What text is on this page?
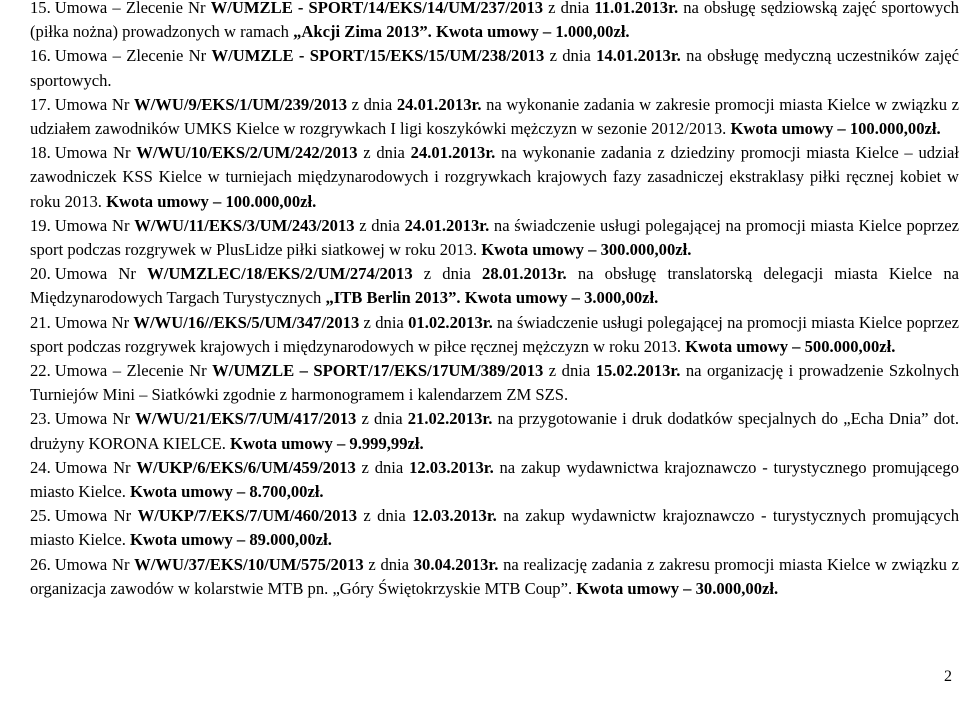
15. Umowa – Zlecenie Nr W/UMZLE - SPORT/14/EKS/14/UM/237/2013 z dnia 11.01.2013r. na obsługę sędziowską zajęć sportowych (piłka nożna) prowadzonych w ramach „Akcji Zima 2013”. Kwota umowy – 1.000,00zł.

16. Umowa – Zlecenie Nr W/UMZLE - SPORT/15/EKS/15/UM/238/2013 z dnia 14.01.2013r. na obsługę medyczną uczestników zajęć sportowych.

17. Umowa Nr W/WU/9/EKS/1/UM/239/2013 z dnia 24.01.2013r. na wykonanie zadania w zakresie promocji miasta Kielce w związku z udziałem zawodników UMKS Kielce w rozgrywkach I ligi koszykówki mężczyzn w sezonie 2012/2013. Kwota umowy – 100.000,00zł.

18. Umowa Nr W/WU/10/EKS/2/UM/242/2013 z dnia 24.01.2013r. na wykonanie zadania z dziedziny promocji miasta Kielce – udział zawodniczek KSS Kielce w turniejach międzynarodowych i rozgrywkach krajowych fazy zasadniczej ekstraklasy piłki ręcznej kobiet w roku 2013. Kwota umowy – 100.000,00zł.

19. Umowa Nr W/WU/11/EKS/3/UM/243/2013 z dnia 24.01.2013r. na świadczenie usługi polegającej na promocji miasta Kielce poprzez sport podczas rozgrywek w PlusLidze piłki siatkowej w roku 2013. Kwota umowy – 300.000,00zł.

20. Umowa Nr W/UMZLEC/18/EKS/2/UM/274/2013 z dnia 28.01.2013r. na obsługę translatorską delegacji miasta Kielce na Międzynarodowych Targach Turystycznych „ITB Berlin 2013”. Kwota umowy – 3.000,00zł.

21. Umowa Nr W/WU/16//EKS/5/UM/347/2013 z dnia 01.02.2013r. na świadczenie usługi polegającej na promocji miasta Kielce poprzez sport podczas rozgrywek krajowych i międzynarodowych w piłce ręcznej mężczyzn w roku 2013. Kwota umowy – 500.000,00zł.

22. Umowa – Zlecenie Nr W/UMZLE – SPORT/17/EKS/17UM/389/2013 z dnia 15.02.2013r. na organizację i prowadzenie Szkolnych Turniejów Mini – Siatkówki zgodnie z harmonogramem i kalendarzem ZM SZS.

23. Umowa Nr W/WU/21/EKS/7/UM/417/2013 z dnia 21.02.2013r. na przygotowanie i druk dodatków specjalnych do „Echa Dnia” dot. drużyny KORONA KIELCE. Kwota umowy – 9.999,99zł.

24. Umowa Nr W/UKP/6/EKS/6/UM/459/2013 z dnia 12.03.2013r. na zakup wydawnictwa krajoznawczo - turystycznego promującego miasto Kielce. Kwota umowy – 8.700,00zł.

25. Umowa Nr W/UKP/7/EKS/7/UM/460/2013 z dnia 12.03.2013r. na zakup wydawnictw krajoznawczo - turystycznych promujących miasto Kielce. Kwota umowy – 89.000,00zł.

26. Umowa Nr W/WU/37/EKS/10/UM/575/2013 z dnia 30.04.2013r. na realizację zadania z zakresu promocji miasta Kielce w związku z organizacja zawodów w kolarstwie MTB pn. „Góry Świętokrzyskie MTB Coup”. Kwota umowy – 30.000,00zł.

2
